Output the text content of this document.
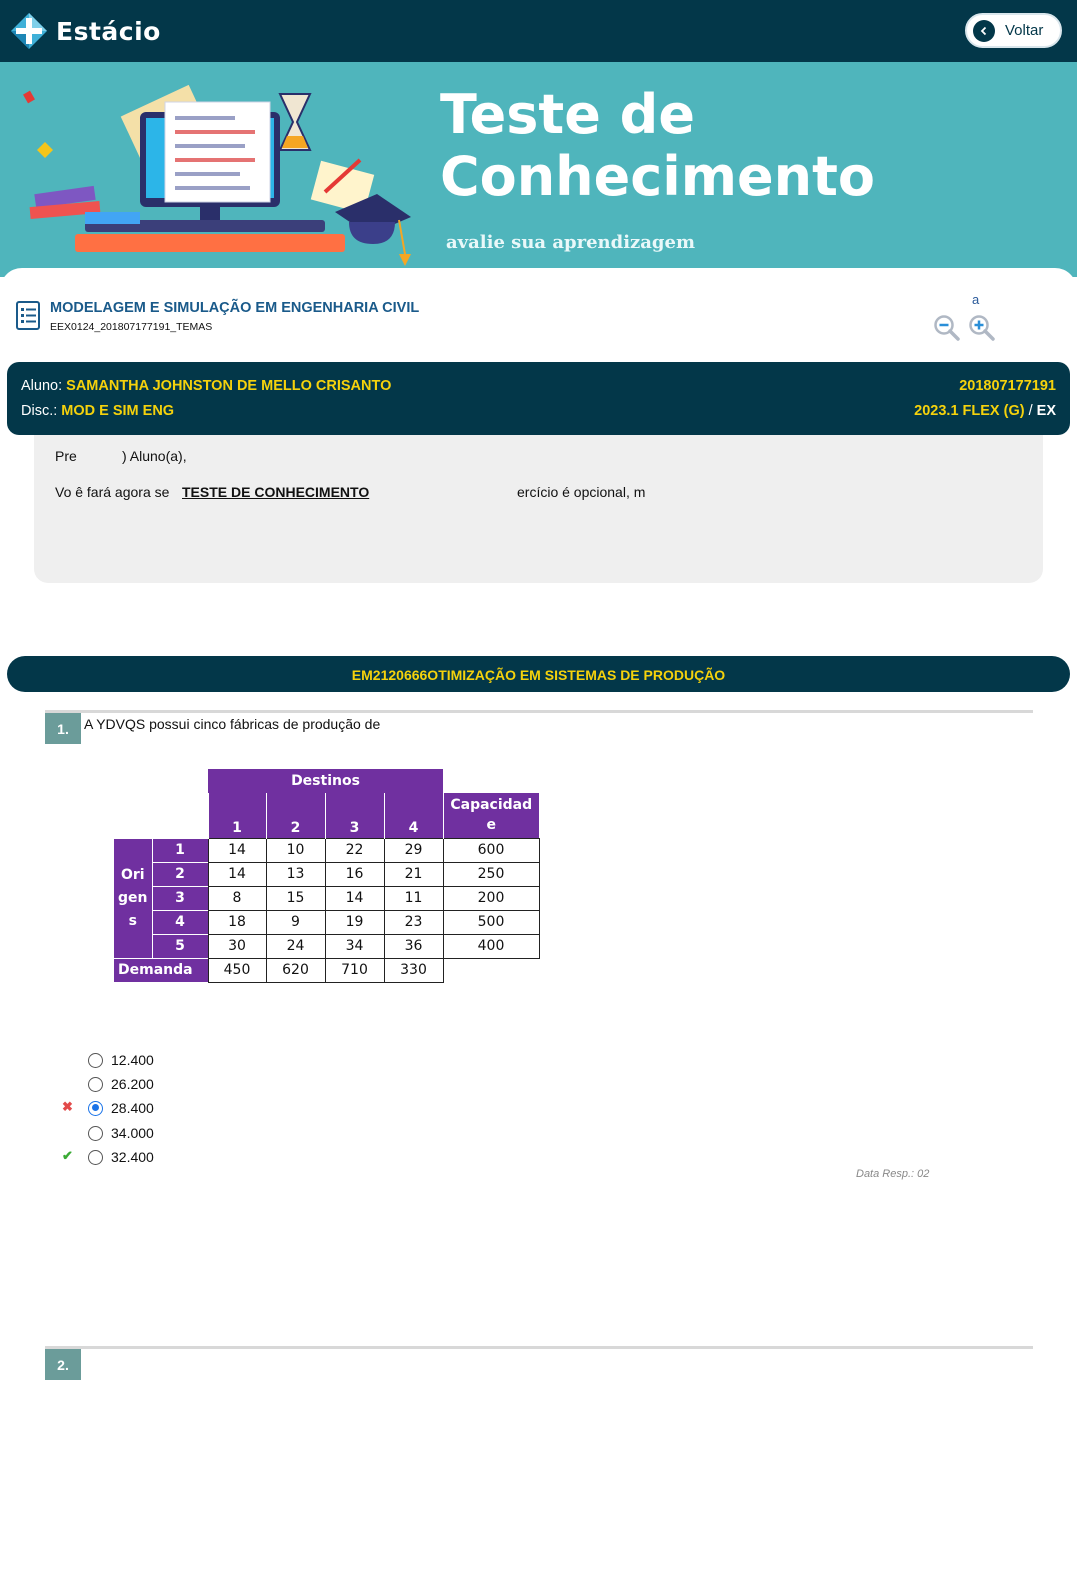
Estácio	Voltar
Teste de
Conhecimento
avalie sua aprendizagem
MODELAGEM E SIMULAÇÃO EM ENGENHARIA CIVIL
EEX0124_201807177191_TEMAS
a
Aluno: SAMANTHA JOHNSTON DE MELLO CRISANTO
Disc.: MOD E SIM ENG
201807177191
2023.1 FLEX (G) / EX
Pre	) Aluno(a),
Vo ê fará agora se TESTE DE CONHECIMENTO	ercício é opcional, m
EM2120666OTIMIZAÇÃO EM SISTEMAS DE PRODUÇÃO
1.	A YDVQS possui cinco fábricas de produção de
		Destinos				
		1	2	3	4	Capacidad
e

Ori
gen
s	1	14	10	22	29	600
	2	14	13	16	21	250
	3	8	15	14	11	200
	4	18	9	19	23	500
	5	30	24	34	36	400
Demanda		450	620	710	330	
12.400
26.200
✖	28.400
34.000
✔	32.400
Data Resp.: 02
2.
